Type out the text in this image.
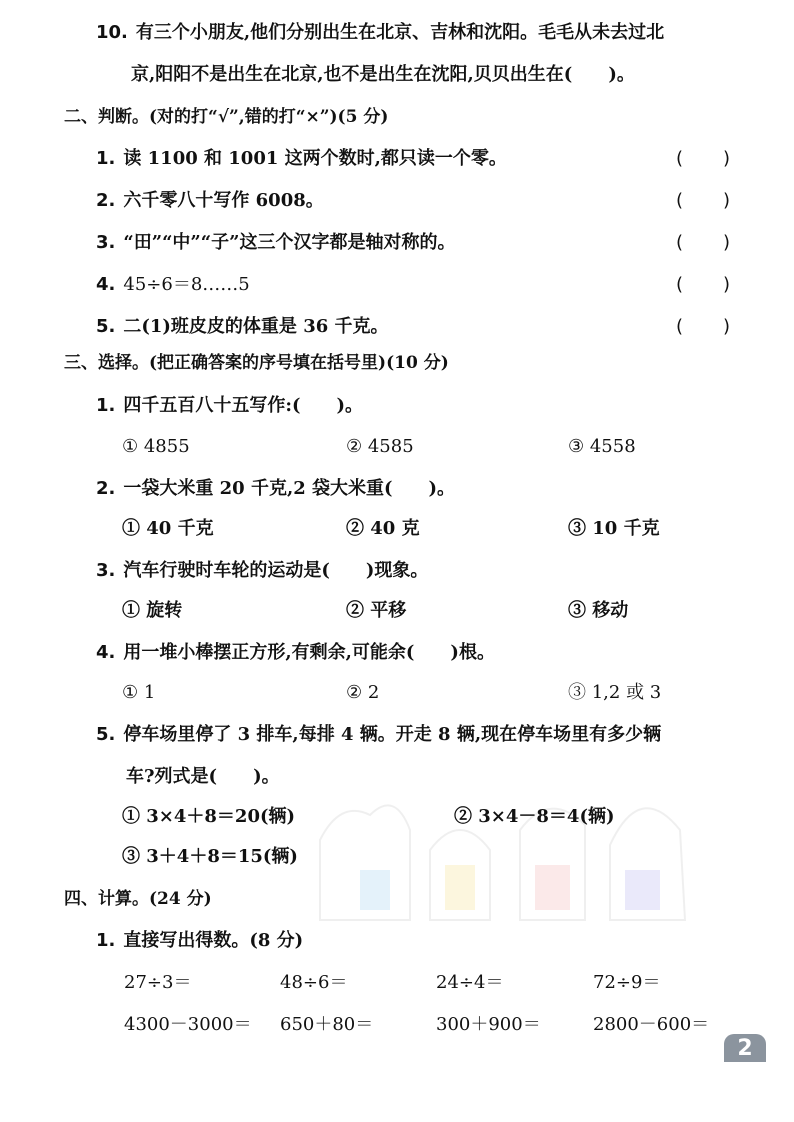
10. 有三个小朋友,他们分别出生在北京、吉林和沈阳。毛毛从未去过北
京,阳阳不是出生在北京,也不是出生在沈阳,贝贝出生在(　　)。
二、判断。(对的打“√”,错的打“×”)(5 分)
1. 读 1100 和 1001 这两个数时,都只读一个零。	( )
2. 六千零八十写作 6008。	( )
3. “田”“中”“子”这三个汉字都是轴对称的。	( )
4. 45÷6＝8……5	( )
5. 二(1)班皮皮的体重是 36 千克。	( )
三、选择。(把正确答案的序号填在括号里)(10 分)
1. 四千五百八十五写作:(　　)。
① 4855	② 4585	③ 4558
2. 一袋大米重 20 千克,2 袋大米重(　　)。
① 40 千克	② 40 克	③ 10 千克
3. 汽车行驶时车轮的运动是(　　)现象。
① 旋转	② 平移	③ 移动
4. 用一堆小棒摆正方形,有剩余,可能余(　　)根。
① 1	② 2	③ 1,2 或 3
5. 停车场里停了 3 排车,每排 4 辆。开走 8 辆,现在停车场里有多少辆
车?列式是(　　)。
① 3×4＋8＝20(辆)	② 3×4－8＝4(辆)
③ 3＋4＋8＝15(辆)
四、计算。(24 分)
1. 直接写出得数。(8 分)
27÷3＝	48÷6＝	24÷4＝	72÷9＝
4300－3000＝ 650＋80＝	300＋900＝	2800－600＝
2
